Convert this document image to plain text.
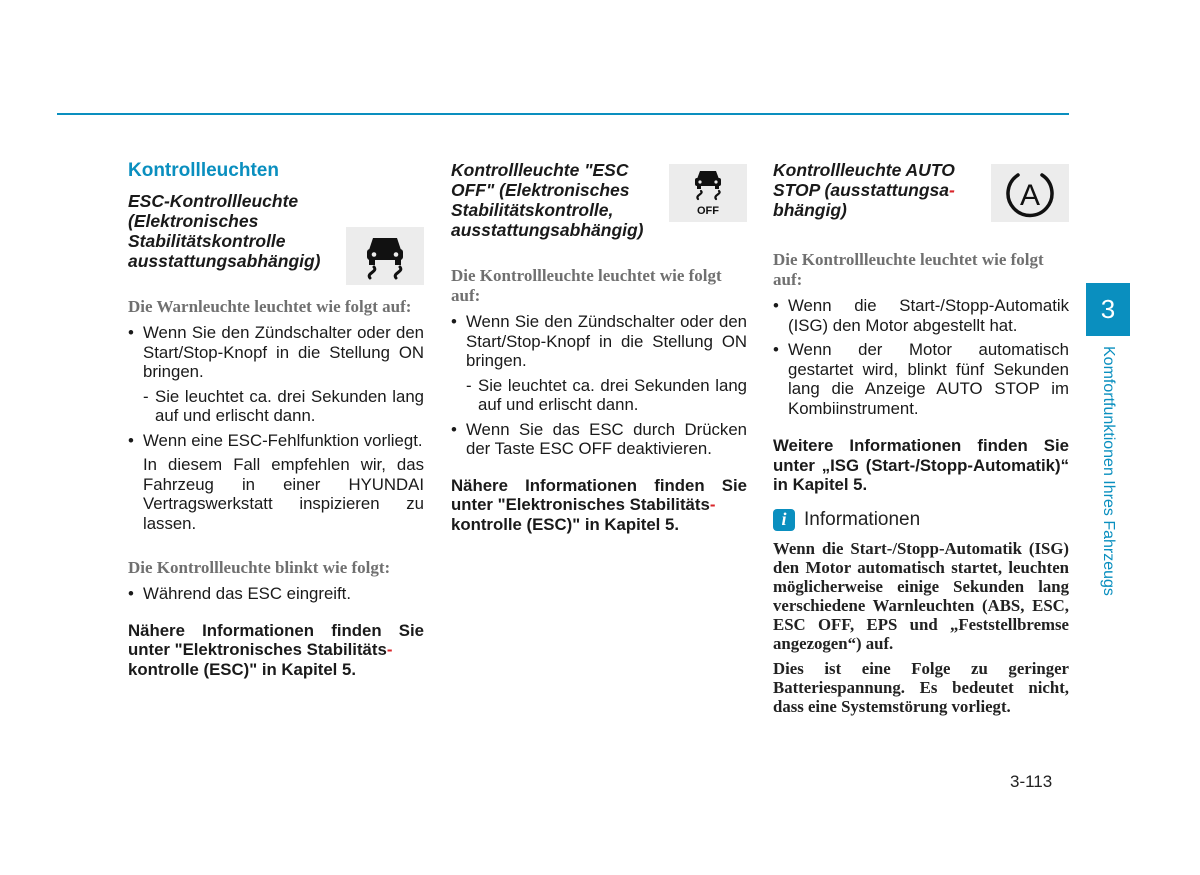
Kontrollleuchten

ESC-Kontrollleuchte
(Elektronisches
Stabilitätskontrolle
ausstattungsabhängig)

Die Warnleuchte leuchtet wie folgt auf:

• Wenn Sie den Zündschalter oder den Start/Stop-Knopf in die Stellung ON bringen.

- Sie leuchtet ca. drei Sekunden lang auf und erlischt dann.

• Wenn eine ESC-Fehlfunktion vorliegt.

In diesem Fall empfehlen wir, das Fahrzeug in einer HYUNDAI Vertragswerkstatt inspizieren zu lassen.

Die Kontrollleuchte blinkt wie folgt:

• Während das ESC eingreift.

Nähere Informationen finden Sie unter "Elektronisches Stabilitäts-
kontrolle (ESC)" in Kapitel 5.

Kontrollleuchte "ESC
OFF" (Elektronisches
Stabilitätskontrolle,
ausstattungsabhängig)

OFF

Die Kontrollleuchte leuchtet wie folgt auf:

• Wenn Sie den Zündschalter oder den Start/Stop-Knopf in die Stellung ON bringen.

- Sie leuchtet ca. drei Sekunden lang auf und erlischt dann.

• Wenn Sie das ESC durch Drücken der Taste ESC OFF deaktivieren.

Nähere Informationen finden Sie unter "Elektronisches Stabilitäts-
kontrolle (ESC)" in Kapitel 5.

Kontrollleuchte AUTO
STOP (ausstattungsa-
bhängig)	A

Die Kontrollleuchte leuchtet wie folgt auf:

• Wenn die Start-/Stopp-Automatik (ISG) den Motor abgestellt hat.
• Wenn der Motor automatisch gestartet wird, blinkt fünf Sekunden lang die Anzeige AUTO STOP im Kombiinstrument.

Weitere Informationen finden Sie unter „ISG (Start-/Stopp-Automatik)“ in Kapitel 5.

i Informationen

Wenn die Start-/Stopp-Automatik (ISG) den Motor automatisch startet, leuchten möglicherweise einige Sekunden lang verschiedene Warnleuchten (ABS, ESC, ESC OFF, EPS und „Feststellbremse angezogen“) auf.

Dies ist eine Folge zu geringer Batteriespannung. Es bedeutet nicht, dass eine Systemstörung vorliegt.

3
Komfortfunktionen Ihres Fahrzeugs
3-113
